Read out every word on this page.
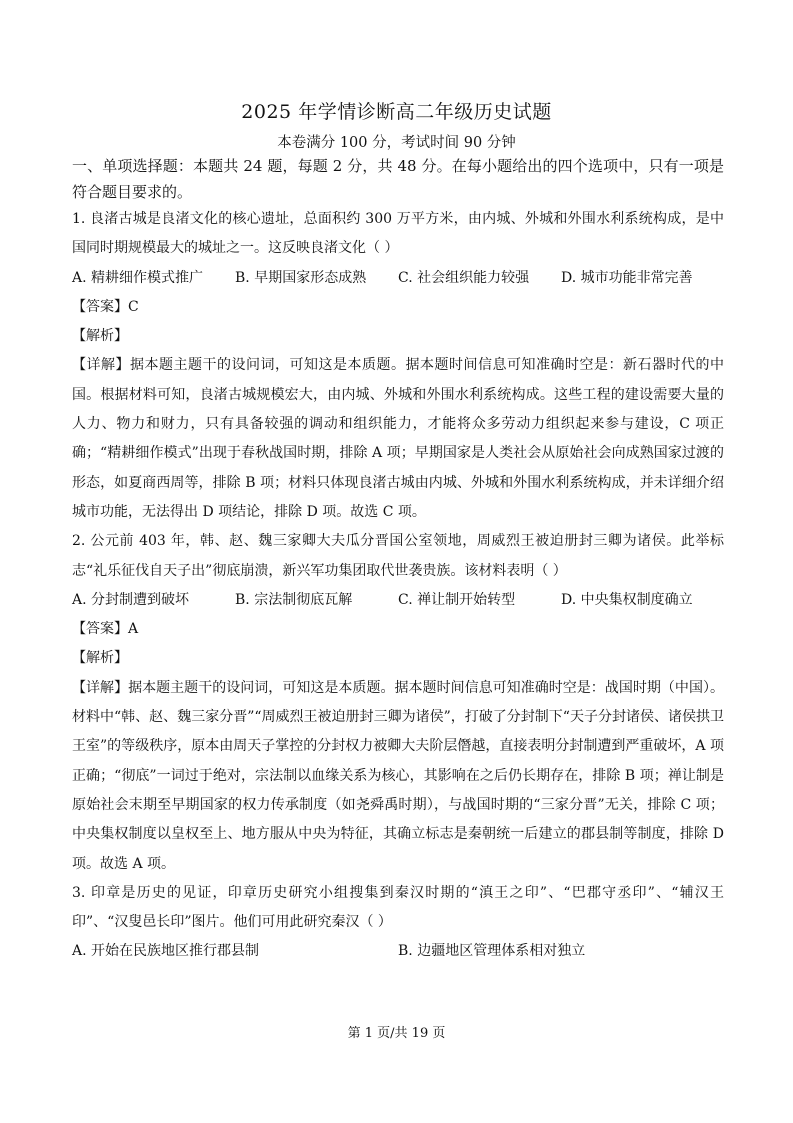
2025 年学情诊断高二年级历史试题
本卷满分 100 分，考试时间 90 分钟

一、单项选择题：本题共 24 题，每题 2 分，共 48 分。在每小题给出的四个选项中，只有一项是符合题目要求的。

1. 良渚古城是良渚文化的核心遗址，总面积约 300 万平方米，由内城、外城和外围水利系统构成，是中国同时期规模最大的城址之一。这反映良渚文化（ ）

A. 精耕细作模式推广	B. 早期国家形态成熟	C. 社会组织能力较强	D. 城市功能非常完善

【答案】C

【解析】

【详解】据本题主题干的设问词，可知这是本质题。据本题时间信息可知准确时空是：新石器时代的中国。根据材料可知，良渚古城规模宏大，由内城、外城和外围水利系统构成。这些工程的建设需要大量的人力、物力和财力，只有具备较强的调动和组织能力，才能将众多劳动力组织起来参与建设，C 项正确；“精耕细作模式”出现于春秋战国时期，排除 A 项；早期国家是人类社会从原始社会向成熟国家过渡的形态，如夏商西周等，排除 B 项；材料只体现良渚古城由内城、外城和外围水利系统构成，并未详细介绍城市功能，无法得出 D 项结论，排除 D 项。故选 C 项。

2. 公元前 403 年，韩、赵、魏三家卿大夫瓜分晋国公室领地，周威烈王被迫册封三卿为诸侯。此举标志“礼乐征伐自天子出”彻底崩溃，新兴军功集团取代世袭贵族。该材料表明（ ）

A. 分封制遭到破坏	B. 宗法制彻底瓦解	C. 禅让制开始转型	D. 中央集权制度确立

【答案】A

【解析】

【详解】据本题主题干的设问词，可知这是本质题。据本题时间信息可知准确时空是：战国时期（中国）。材料中“韩、赵、魏三家分晋”“周威烈王被迫册封三卿为诸侯”，打破了分封制下“天子分封诸侯、诸侯拱卫王室”的等级秩序，原本由周天子掌控的分封权力被卿大夫阶层僭越，直接表明分封制遭到严重破坏，A 项正确；“彻底”一词过于绝对，宗法制以血缘关系为核心，其影响在之后仍长期存在，排除 B 项；禅让制是原始社会末期至早期国家的权力传承制度（如尧舜禹时期），与战国时期的“三家分晋”无关，排除 C 项；中央集权制度以皇权至上、地方服从中央为特征，其确立标志是秦朝统一后建立的郡县制等制度，排除 D 项。故选 A 项。

3. 印章是历史的见证，印章历史研究小组搜集到秦汉时期的“滇王之印”、“巴郡守丞印”、“辅汉王印”、“汉叟邑长印”图片。他们可用此研究秦汉（ ）

A. 开始在民族地区推行郡县制	B. 边疆地区管理体系相对独立
第 1 页/共 19 页
